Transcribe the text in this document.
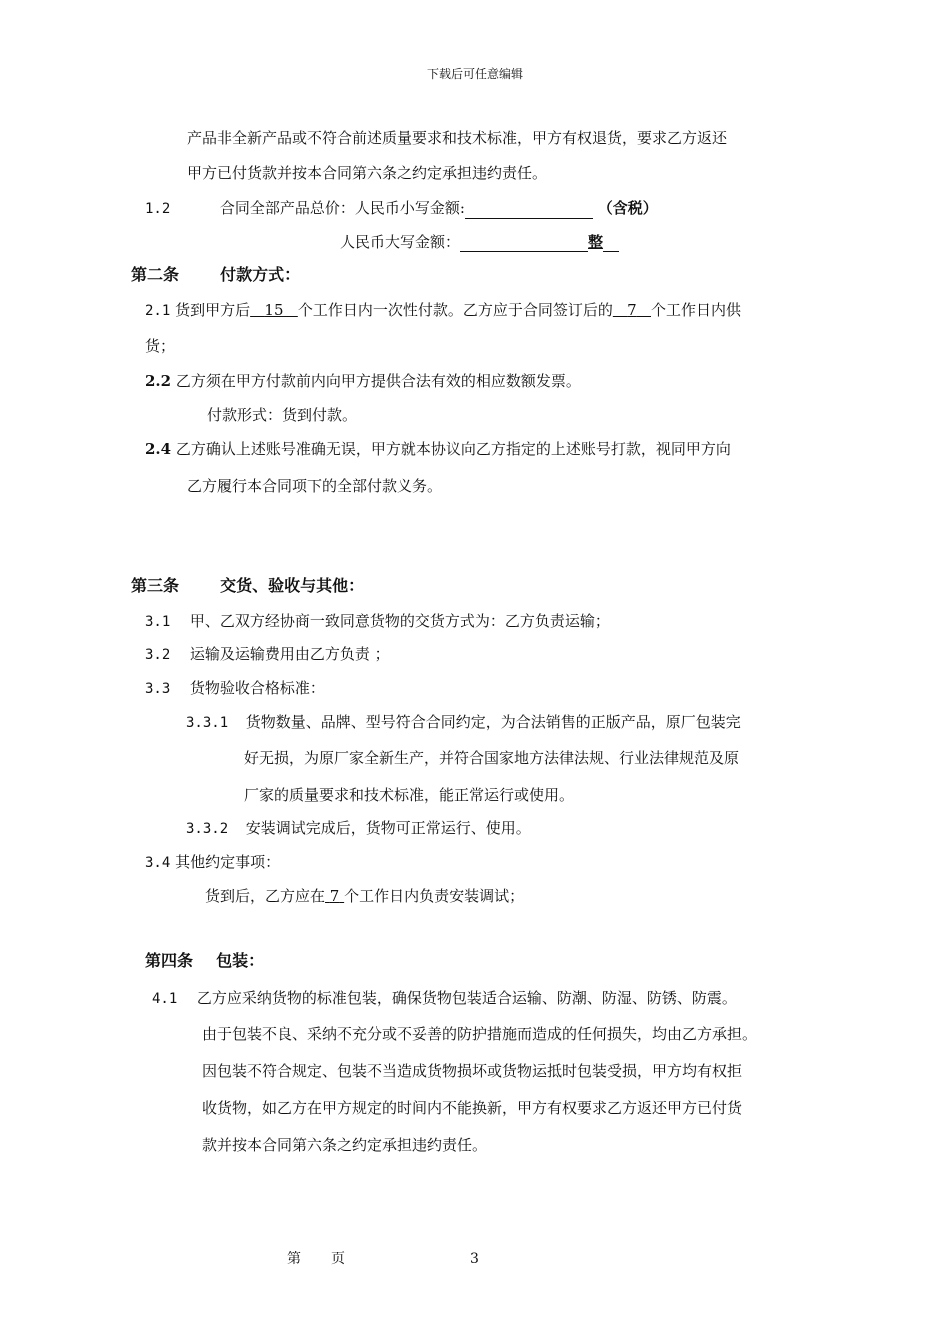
下载后可任意编辑
产品非全新产品或不符合前述质量要求和技术标准，甲方有权退货，要求乙方返还
甲方已付货款并按本合同第六条之约定承担违约责任。
1.2	合同全部产品总价：人民币小写金额:	（含税）
人民币大写金额：	整
第二条	付款方式：
2.1 货到甲方后 15 个工作日内一次性付款。乙方应于合同签订后的 7 个工作日内供
货；
2.2 乙方须在甲方付款前内向甲方提供合法有效的相应数额发票。
付款形式：货到付款。
2.4 乙方确认上述账号准确无误，甲方就本协议向乙方指定的上述账号打款，视同甲方向
乙方履行本合同项下的全部付款义务。
第三条	交货、验收与其他：
3.1 甲、乙双方经协商一致同意货物的交货方式为：乙方负责运输；
3.2 运输及运输费用由乙方负责 ；
3.3 货物验收合格标准：
3.3.1 货物数量、品牌、型号符合合同约定，为合法销售的正版产品，原厂包装完
好无损，为原厂家全新生产，并符合国家地方法律法规、行业法律规范及原
厂家的质量要求和技术标准，能正常运行或使用。
3.3.2 安装调试完成后，货物可正常运行、使用。
3.4 其他约定事项：
货到后，乙方应在 7 个工作日内负责安装调试；
第四条 包装：
4.1 乙方应采纳货物的标准包装，确保货物包装适合运输、防潮、防湿、防锈、防震。
由于包装不良、采纳不充分或不妥善的防护措施而造成的任何损失，均由乙方承担。
因包装不符合规定、包装不当造成货物损坏或货物运抵时包装受损，甲方均有权拒
收货物，如乙方在甲方规定的时间内不能换新，甲方有权要求乙方返还甲方已付货
款并按本合同第六条之约定承担违约责任。
第 页	3
